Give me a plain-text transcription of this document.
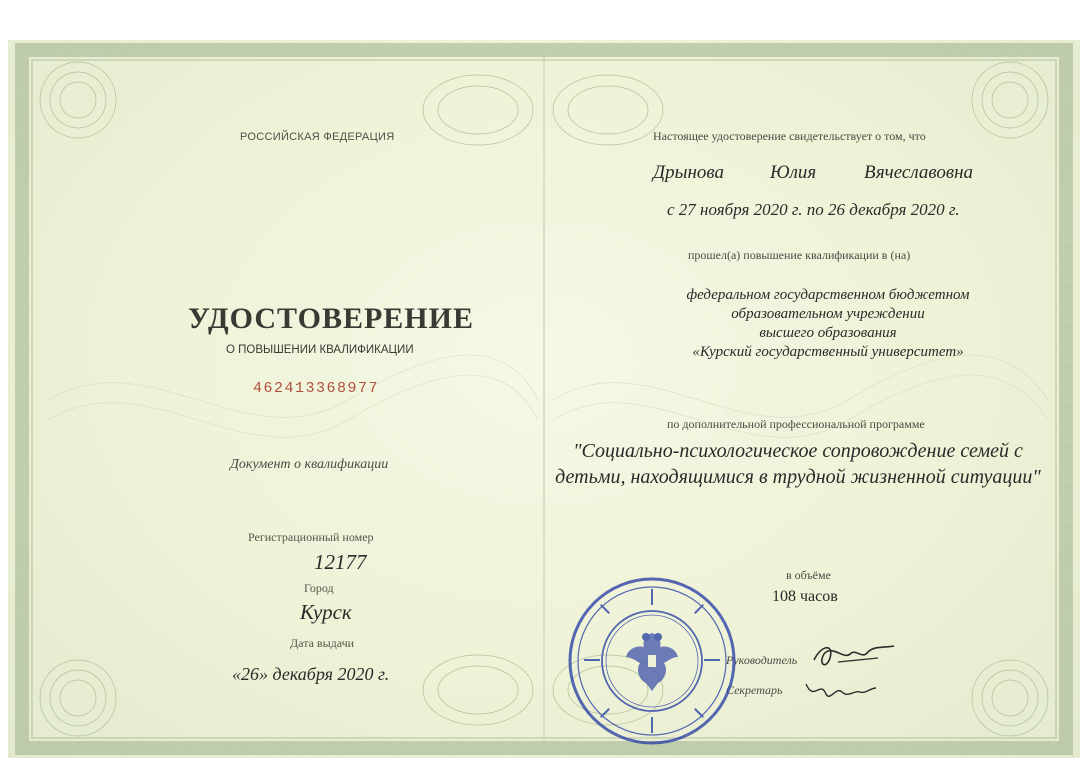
РОССИЙСКАЯ ФЕДЕРАЦИЯ
УДОСТОВЕРЕНИЕ
О ПОВЫШЕНИИ КВАЛИФИКАЦИИ
462413368977
Документ о квалификации
Регистрационный номер
12177
Город
Курск
Дата выдачи
«26» декабря 2020 г.
Настоящее удостоверение свидетельствует о том, что
Дрынова Юлия	Вячеславовна
с 27 ноября 2020 г. по 26 декабря 2020 г.
прошел(а) повышение квалификации в (на)
федеральном государственном бюджетном
образовательном учреждении
высшего образования
«Курский государственный университет»
по дополнительной профессиональной программе
"Социально-психологическое сопровождение семей с
детьми, находящимися в трудной жизненной ситуации"
в объёме
108 часов
Руководитель
Секретарь
